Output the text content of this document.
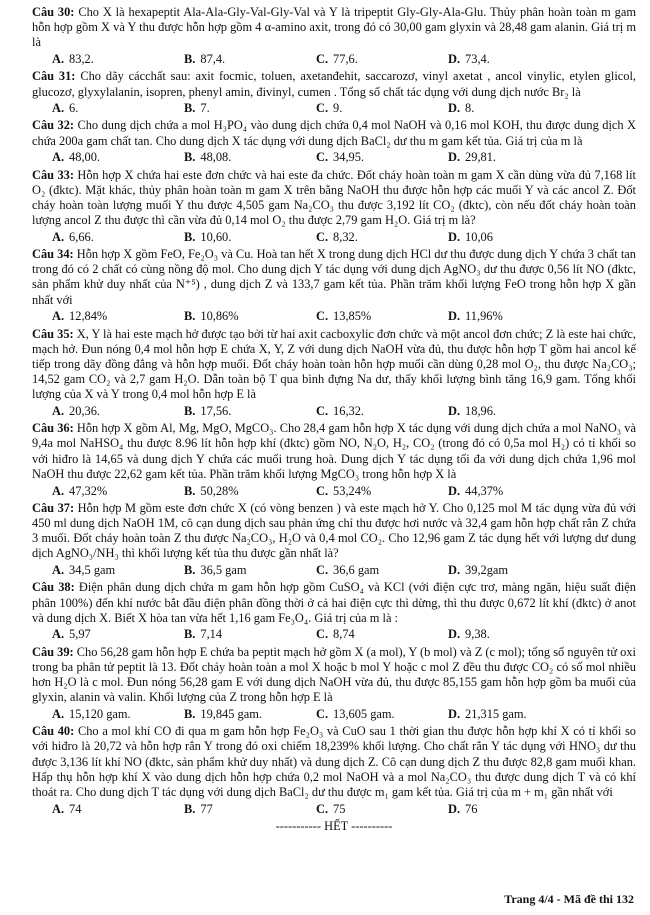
Câu 30: Cho X là hexapeptit Ala-Ala-Gly-Val-Gly-Val và Y là tripeptit Gly-Gly-Ala-Glu. Thủy phân hoàn toàn m gam hỗn hợp gồm X và Y thu được hỗn hợp gồm 4 α-amino axit, trong đó có 30,00 gam glyxin và 28,48 gam alanin. Giá trị m là

A. 83,2.	B. 87,4.	C. 77,6.	D. 73,4.

Câu 31: Cho dãy cácchất sau: axit focmic, toluen, axetanđehit, saccarozơ, vinyl axetat , ancol vinylic, etylen glicol, glucozơ, glyxylalanin, isopren, phenyl amin, đivinyl, cumen . Tổng số chất tác dụng với dung dịch nước Br₂ là

A. 6.	B. 7.	C. 9.	D. 8.

Câu 32: Cho dung dịch chứa a mol H₃PO₄ vào dung dịch chứa 0,4 mol NaOH và 0,16 mol KOH, thu được dung dịch X chứa 200a gam chất tan. Cho dung dịch X tác dụng với dung dịch BaCl₂ dư thu m gam kết tủa. Giá trị của m là

A. 48,00.	B. 48,08.	C. 34,95.	D. 29,81.

Câu 33: Hỗn hợp X chứa hai este đơn chức và hai este đa chức. Đốt cháy hoàn toàn m gam X cần dùng vừa đủ 7,168 lít O₂ (đktc). Mặt khác, thủy phân hoàn toàn m gam X trên bằng NaOH thu được hỗn hợp các muối Y và các ancol Z. Đốt cháy hoàn toàn lượng muối Y thu được 4,505 gam Na₂CO₃ thu được 3,192 lít CO₂ (đktc), còn nếu đốt cháy hoàn toàn lượng ancol Z thu được thì cần vừa đủ 0,14 mol O₂ thu được 2,79 gam H₂O. Giá trị m là?

A. 6,66.	B. 10,60.	C. 8,32.	D. 10,06

Câu 34: Hỗn hợp X gồm FeO, Fe₂O₃ và Cu. Hoà tan hết X trong dung dịch HCl dư thu được dung dịch Y chứa 3 chất tan trong đó có 2 chất có cùng nồng độ mol. Cho dung dịch Y tác dụng với dung dịch AgNO₃ dư thu được 0,56 lít NO (đktc, sản phẩm khử duy nhất của N⁺⁵) , dung dịch Z và 133,7 gam kết tủa. Phần trăm khối lượng FeO trong hỗn hợp X gần nhất với

A. 12,84%	B. 10,86%	C. 13,85%	D. 11,96%

Câu 35: X, Y là hai este mạch hở được tạo bởi từ hai axit cacboxylic đơn chức và một ancol đơn chức; Z là este hai chức, mạch hở. Đun nóng 0,4 mol hỗn hợp E chứa X, Y, Z với dung dịch NaOH vừa đủ, thu được hỗn hợp T gồm hai ancol kế tiếp trong dãy đồng đẳng và hỗn hợp muối. Đốt cháy hoàn toàn hỗn hợp muối cần dùng 0,28 mol O₂, thu được Na₂CO₃; 14,52 gam CO₂ và 2,7 gam H₂O. Dẫn toàn bộ T qua bình đựng Na dư, thấy khối lượng bình tăng 16,9 gam. Tổng khối lượng của X và Y trong 0,4 mol hỗn hợp E là

A. 20,36.	B. 17,56.	C. 16,32.	D. 18,96.

Câu 36: Hỗn hợp X gồm Al, Mg, MgO, MgCO₃. Cho 28,4 gam hỗn hợp X tác dụng với dung dịch chứa a mol NaNO₃ và 9,4a mol NaHSO₄ thu được 8.96 lít hỗn hợp khí (đktc) gồm NO, N₂O, H₂, CO₂ (trong đó có 0,5a mol H₂) có tỉ khối so với hiđro là 14,65 và dung dịch Y chứa các muối trung hoà. Dung dịch Y tác dụng tối đa với dung dịch chứa 1,96 mol NaOH thu được 22,62 gam kết tủa. Phần trăm khối lượng MgCO₃ trong hỗn hợp X là

A. 47,32%	B. 50,28%	C. 53,24%	D. 44,37%

Câu 37: Hỗn hợp M gồm este đơn chức X (có vòng benzen ) và este mạch hở Y. Cho 0,125 mol M tác dụng vừa đủ với 450 ml dung dịch NaOH 1M, cô cạn dung dịch sau phản ứng chỉ thu được hơi nước và 32,4 gam hỗn hợp chất rắn Z chứa 3 muối. Đốt cháy hoàn toàn Z thu được Na₂CO₃, H₂O và 0,4 mol CO₂. Cho 12,96 gam Z tác dụng hết với lượng dư dung dịch AgNO₃/NH₃ thì khối lượng kết tủa thu được gần nhất là?

A. 34,5 gam	B. 36,5 gam	C. 36,6 gam	D. 39,2gam

Câu 38: Điện phân dung dịch chứa m gam hỗn hợp gồm CuSO₄ và KCl (với điện cực trơ, màng ngăn, hiệu suất điện phân 100%) đến khí nước bắt đầu điện phân đồng thời ở cả hai điện cực thì dừng, thì thu được 0,672 lít khí (đktc) ở anot và dung dịch X. Biết X hòa tan vừa hết 1,16 gam Fe₃O₄. Giá trị của m là :

A. 5,97	B. 7,14	C. 8,74	D. 9,38.

Câu 39: Cho 56,28 gam hỗn hợp E chứa ba peptit mạch hở gồm X (a mol), Y (b mol) và Z (c mol); tổng số nguyên tử oxi trong ba phân tử peptit là 13. Đốt cháy hoàn toàn a mol X hoặc b mol Y hoặc c mol Z đều thu được CO₂ có số mol nhiều hơn H₂O là c mol. Đun nóng 56,28 gam E với dung dịch NaOH vừa đủ, thu được 85,155 gam hỗn hợp gồm ba muối của glyxin, alanin và valin. Khối lượng của Z trong hỗn hợp E là

A. 15,120 gam.	B. 19,845 gam.	C. 13,605 gam.	D. 21,315 gam.

Câu 40: Cho a mol khí CO đi qua m gam hỗn hợp Fe₂O₃ và CuO sau 1 thời gian thu được hỗn hợp khí X có tỉ khối so với hiđro là 20,72 và hỗn hợp rắn Y trong đó oxi chiếm 18,239% khối lượng. Cho chất rắn Y tác dụng với HNO₃ dư thu được 3,136 lít khí NO (đktc, sản phẩm khử duy nhất) và dung dịch Z. Cô cạn dung dịch Z thu được 82,8 gam muối khan. Hấp thụ hỗn hợp khí X vào dung dịch hỗn hợp chứa 0,2 mol NaOH và a mol Na₂CO₃ thu được dung dịch T và có khí thoát ra. Cho dung dịch T tác dụng với dung dịch BaCl₂ dư thu được m₁ gam kết tủa. Giá trị của m + m₁ gần nhất với

A. 74	B. 77	C. 75	D. 76
----------- HẾT ----------
Trang 4/4 - Mã đề thi 132
